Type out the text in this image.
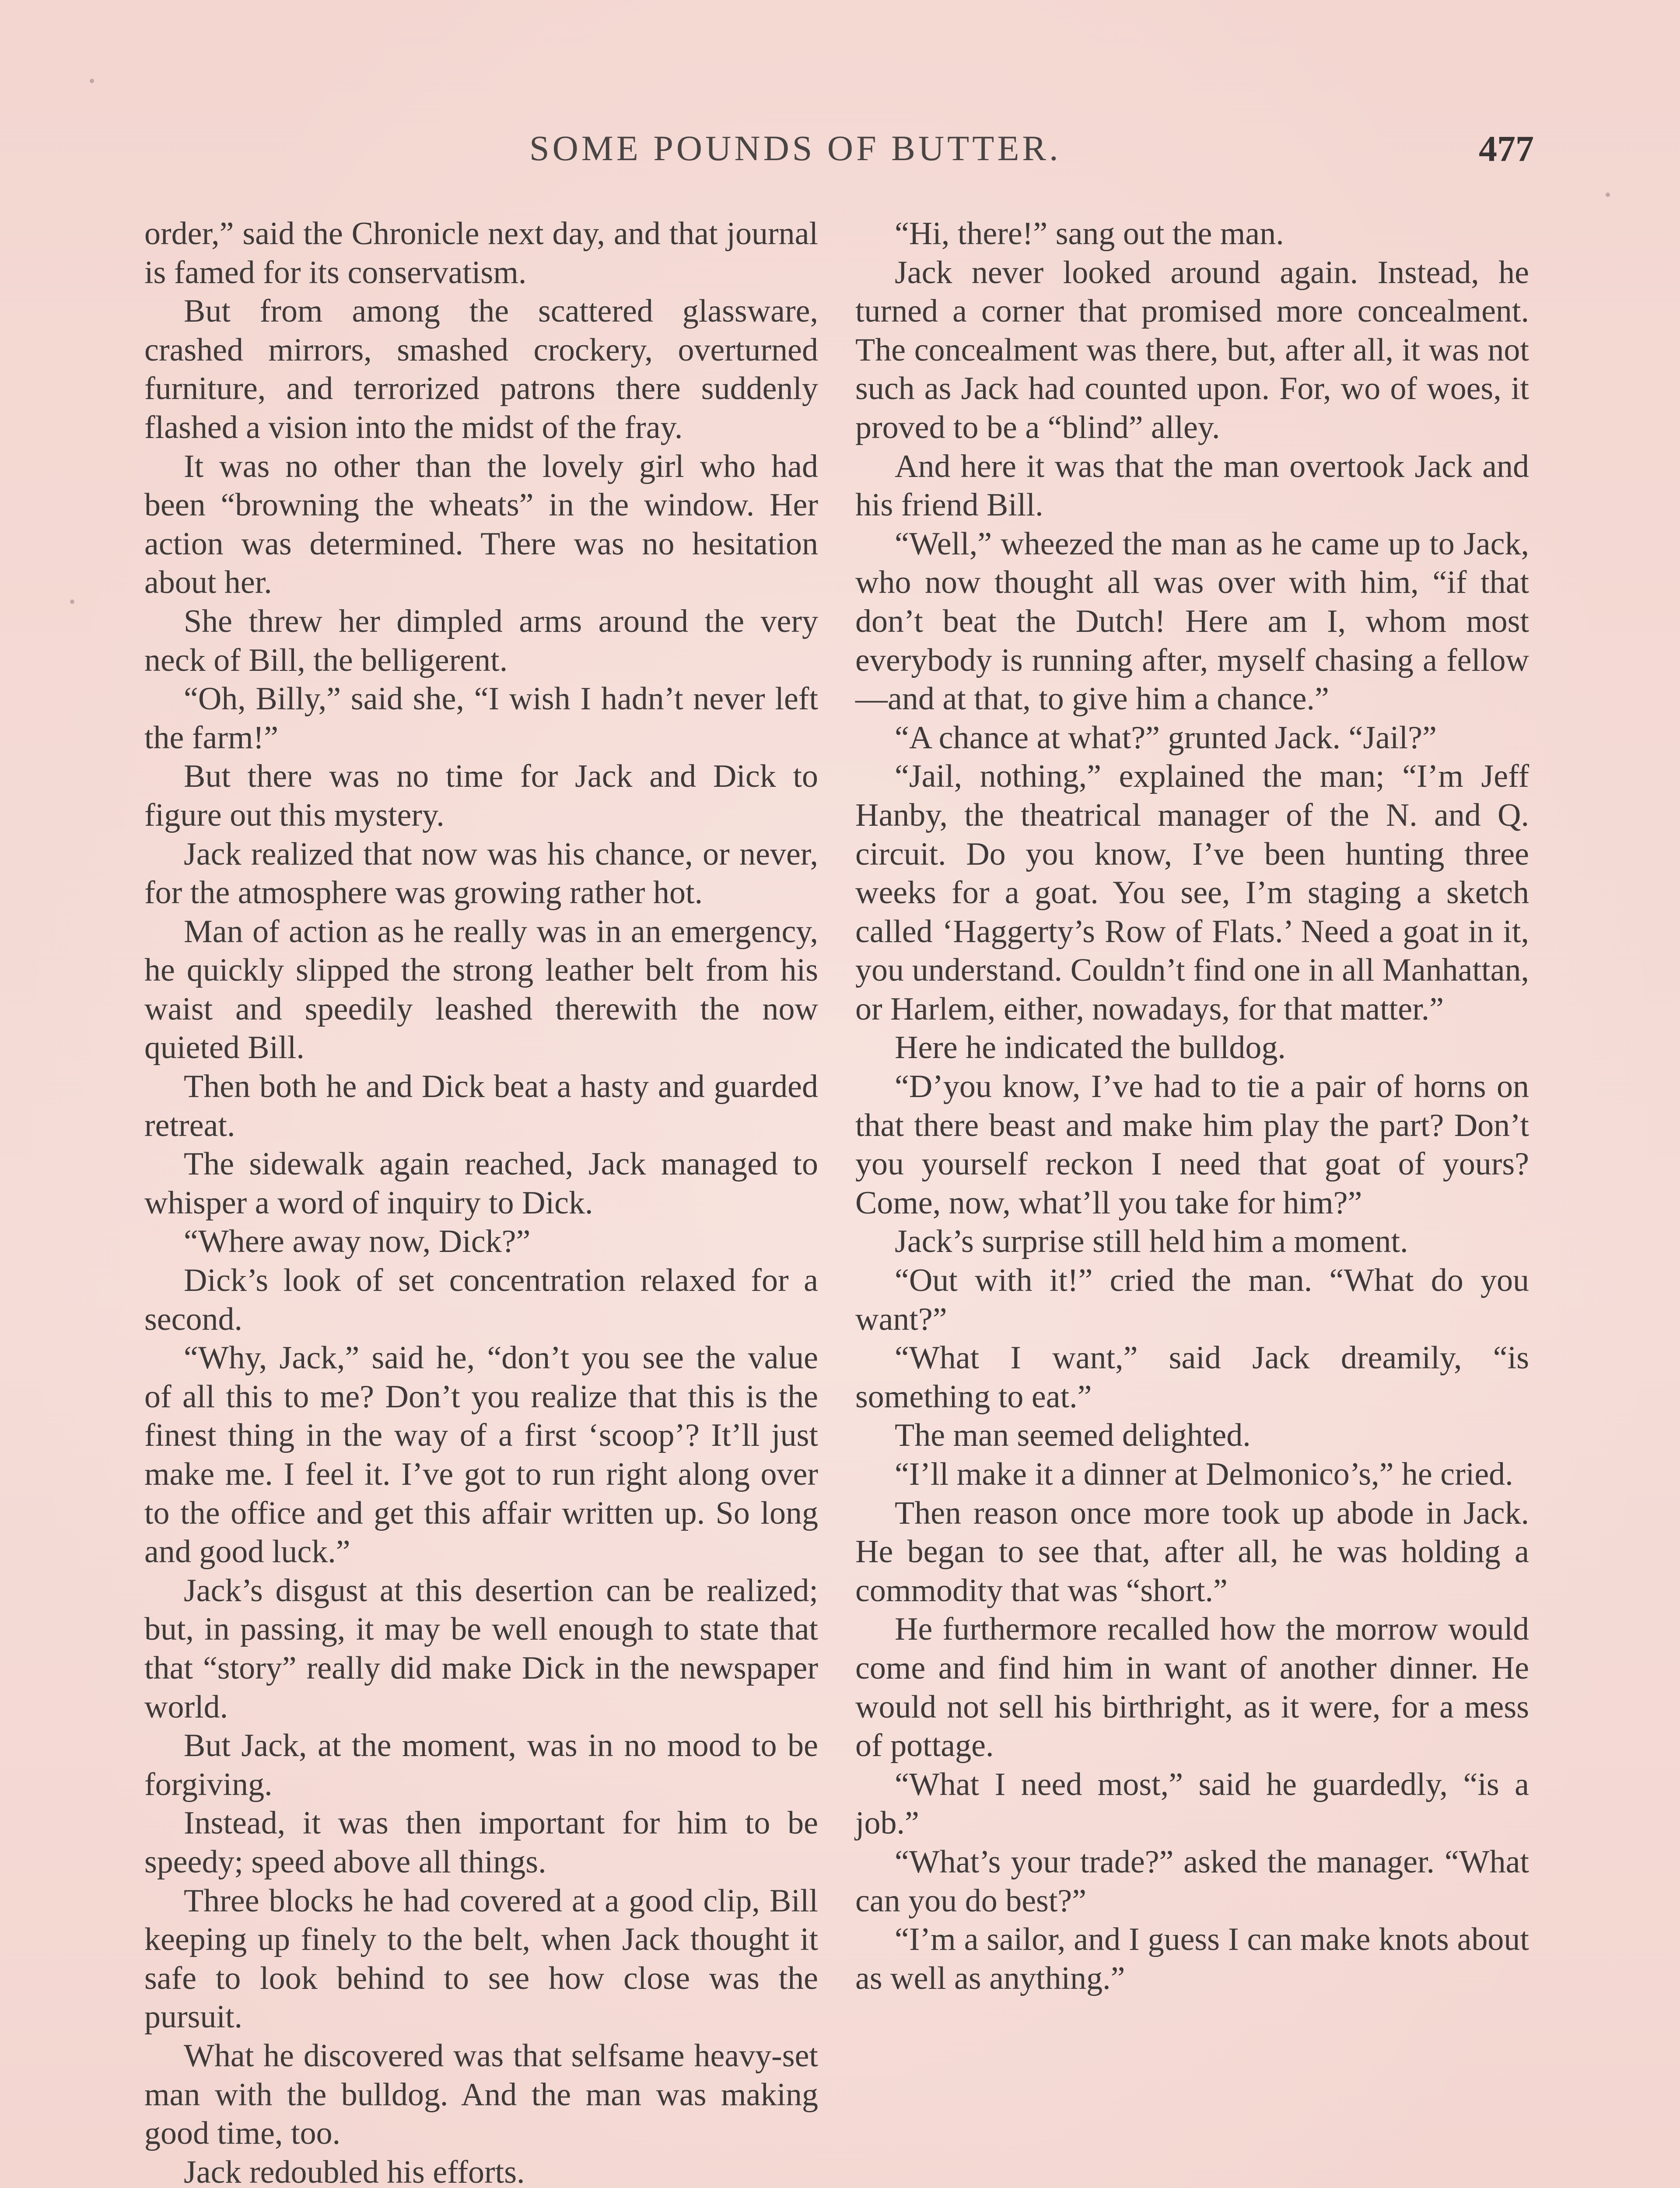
SOME POUNDS OF BUTTER.	477

order,” said the Chronicle next day, and that journal is famed for its conservatism.

But from among the scattered glassware, crashed mirrors, smashed crockery, overturned furniture, and terrorized patrons there suddenly flashed a vision into the midst of the fray.

It was no other than the lovely girl who had been “browning the wheats” in the window. Her action was determined. There was no hesitation about her.

She threw her dimpled arms around the very neck of Bill, the belligerent.

“Oh, Billy,” said she, “I wish I hadn’t never left the farm!”

But there was no time for Jack and Dick to figure out this mystery.

Jack realized that now was his chance, or never, for the atmosphere was growing rather hot.

Man of action as he really was in an emergency, he quickly slipped the strong leather belt from his waist and speedily leashed therewith the now quieted Bill.

Then both he and Dick beat a hasty and guarded retreat.

The sidewalk again reached, Jack managed to whisper a word of inquiry to Dick.

“Where away now, Dick?”

Dick’s look of set concentration relaxed for a second.

“Why, Jack,” said he, “don’t you see the value of all this to me? Don’t you realize that this is the finest thing in the way of a first ‘scoop’? It’ll just make me. I feel it. I’ve got to run right along over to the office and get this affair written up. So long and good luck.”

Jack’s disgust at this desertion can be realized; but, in passing, it may be well enough to state that that “story” really did make Dick in the newspaper world.

But Jack, at the moment, was in no mood to be forgiving.

Instead, it was then important for him to be speedy; speed above all things.

Three blocks he had covered at a good clip, Bill keeping up finely to the belt, when Jack thought it safe to look behind to see how close was the pursuit.

What he discovered was that selfsame heavy-set man with the bulldog. And the man was making good time, too.

Jack redoubled his efforts.

“Hi, there!” sang out the man.

Jack never looked around again. Instead, he turned a corner that promised more concealment. The concealment was there, but, after all, it was not such as Jack had counted upon. For, wo of woes, it proved to be a “blind” alley.

And here it was that the man overtook Jack and his friend Bill.

“Well,” wheezed the man as he came up to Jack, who now thought all was over with him, “if that don’t beat the Dutch! Here am I, whom most everybody is running after, myself chasing a fellow—and at that, to give him a chance.”

“A chance at what?” grunted Jack. “Jail?”

“Jail, nothing,” explained the man; “I’m Jeff Hanby, the theatrical manager of the N. and Q. circuit. Do you know, I’ve been hunting three weeks for a goat. You see, I’m staging a sketch called ‘Haggerty’s Row of Flats.’ Need a goat in it, you understand. Couldn’t find one in all Manhattan, or Harlem, either, nowadays, for that matter.”

Here he indicated the bulldog.

“D’you know, I’ve had to tie a pair of horns on that there beast and make him play the part? Don’t you yourself reckon I need that goat of yours? Come, now, what’ll you take for him?”

Jack’s surprise still held him a moment.

“Out with it!” cried the man. “What do you want?”

“What I want,” said Jack dreamily, “is something to eat.”

The man seemed delighted.

“I’ll make it a dinner at Delmonico’s,” he cried.

Then reason once more took up abode in Jack. He began to see that, after all, he was holding a commodity that was “short.”

He furthermore recalled how the morrow would come and find him in want of another dinner. He would not sell his birthright, as it were, for a mess of pottage.

“What I need most,” said he guardedly, “is a job.”

“What’s your trade?” asked the manager. “What can you do best?”

“I’m a sailor, and I guess I can make knots about as well as anything.”
